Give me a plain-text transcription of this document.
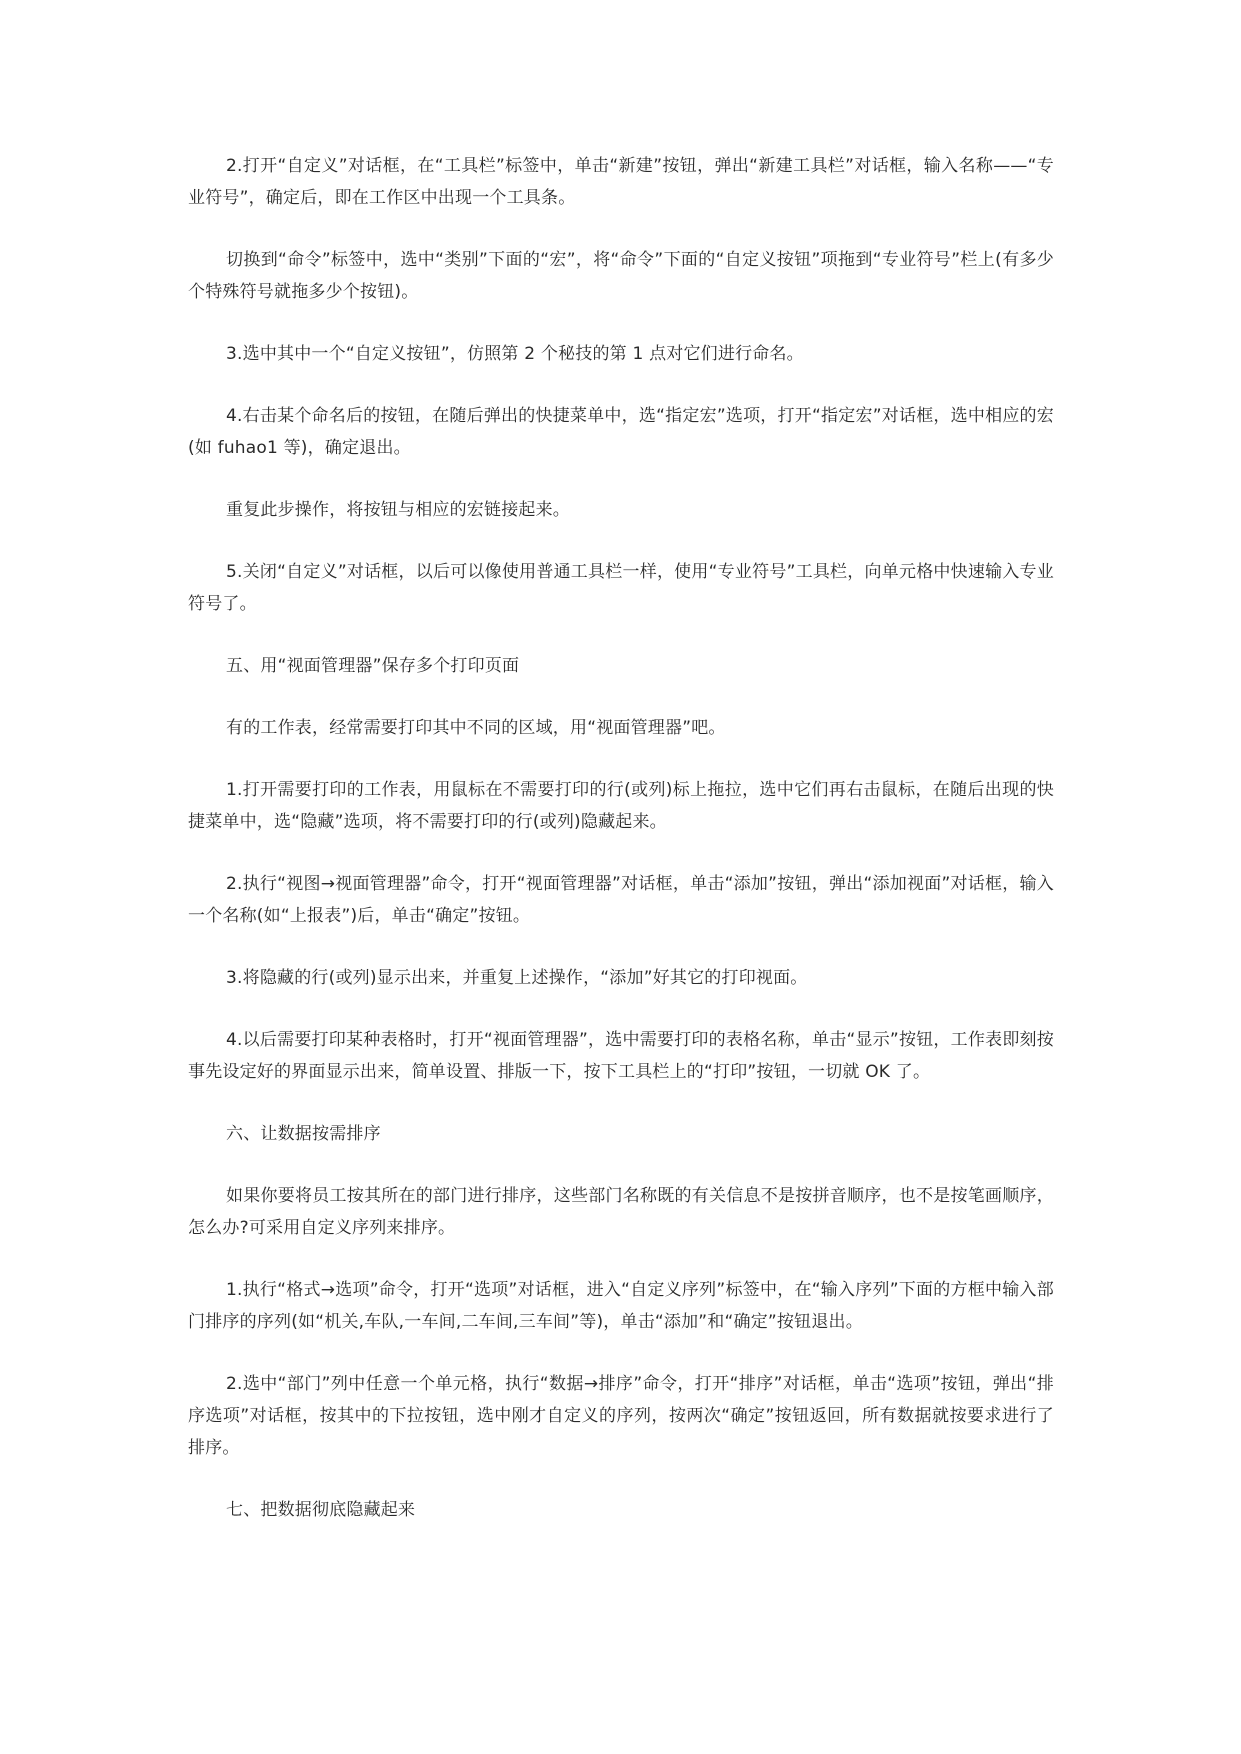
2.打开“自定义”对话框，在“工具栏”标签中，单击“新建”按钮，弹出“新建工具栏”对话框，输入名称——“专业符号”，确定后，即在工作区中出现一个工具条。

切换到“命令”标签中，选中“类别”下面的“宏”，将“命令”下面的“自定义按钮”项拖到“专业符号”栏上(有多少个特殊符号就拖多少个按钮)。

3.选中其中一个“自定义按钮”，仿照第 2 个秘技的第 1 点对它们进行命名。

4.右击某个命名后的按钮，在随后弹出的快捷菜单中，选“指定宏”选项，打开“指定宏”对话框，选中相应的宏(如 fuhao1 等)，确定退出。

重复此步操作，将按钮与相应的宏链接起来。

5.关闭“自定义”对话框，以后可以像使用普通工具栏一样，使用“专业符号”工具栏，向单元格中快速输入专业符号了。

五、用“视面管理器”保存多个打印页面

有的工作表，经常需要打印其中不同的区域，用“视面管理器”吧。

1.打开需要打印的工作表，用鼠标在不需要打印的行(或列)标上拖拉，选中它们再右击鼠标，在随后出现的快捷菜单中，选“隐藏”选项，将不需要打印的行(或列)隐藏起来。

2.执行“视图→视面管理器”命令，打开“视面管理器”对话框，单击“添加”按钮，弹出“添加视面”对话框，输入一个名称(如“上报表”)后，单击“确定”按钮。

3.将隐藏的行(或列)显示出来，并重复上述操作，“添加”好其它的打印视面。

4.以后需要打印某种表格时，打开“视面管理器”，选中需要打印的表格名称，单击“显示”按钮，工作表即刻按事先设定好的界面显示出来，简单设置、排版一下，按下工具栏上的“打印”按钮，一切就 OK 了。

六、让数据按需排序

如果你要将员工按其所在的部门进行排序，这些部门名称既的有关信息不是按拼音顺序，也不是按笔画顺序，怎么办?可采用自定义序列来排序。

1.执行“格式→选项”命令，打开“选项”对话框，进入“自定义序列”标签中，在“输入序列”下面的方框中输入部门排序的序列(如“机关,车队,一车间,二车间,三车间”等)，单击“添加”和“确定”按钮退出。

2.选中“部门”列中任意一个单元格，执行“数据→排序”命令，打开“排序”对话框，单击“选项”按钮，弹出“排序选项”对话框，按其中的下拉按钮，选中刚才自定义的序列，按两次“确定”按钮返回，所有数据就按要求进行了排序。

七、把数据彻底隐藏起来
